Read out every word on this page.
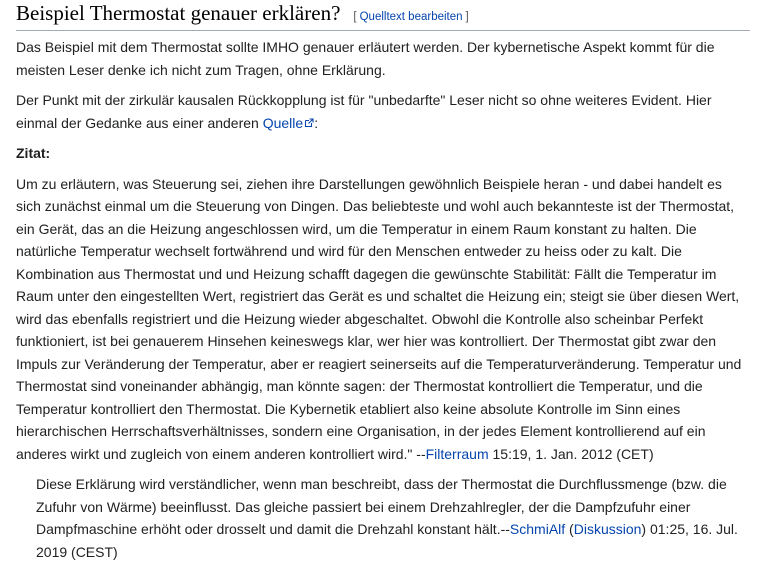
Beispiel Thermostat genauer erklären? [ Quelltext bearbeiten ]

Das Beispiel mit dem Thermostat sollte IMHO genauer erläutert werden. Der kybernetische Aspekt kommt für die meisten Leser denke ich nicht zum Tragen, ohne Erklärung.

Der Punkt mit der zirkulär kausalen Rückkopplung ist für "unbedarfte" Leser nicht so ohne weiteres Evident. Hier einmal der Gedanke aus einer anderen Quelle :

Zitat:

Um zu erläutern, was Steuerung sei, ziehen ihre Darstellungen gewöhnlich Beispiele heran - und dabei handelt es sich zunächst einmal um die Steuerung von Dingen. Das beliebteste und wohl auch bekannteste ist der Thermostat, ein Gerät, das an die Heizung angeschlossen wird, um die Temperatur in einem Raum konstant zu halten. Die natürliche Temperatur wechselt fortwährend und wird für den Menschen entweder zu heiss oder zu kalt. Die Kombination aus Thermostat und und Heizung schafft dagegen die gewünschte Stabilität: Fällt die Temperatur im Raum unter den eingestellten Wert, registriert das Gerät es und schaltet die Heizung ein; steigt sie über diesen Wert, wird das ebenfalls registriert und die Heizung wieder abgeschaltet. Obwohl die Kontrolle also scheinbar Perfekt funktioniert, ist bei genauerem Hinsehen keineswegs klar, wer hier was kontrolliert. Der Thermostat gibt zwar den Impuls zur Veränderung der Temperatur, aber er reagiert seinerseits auf die Temperaturveränderung. Temperatur und Thermostat sind voneinander abhängig, man könnte sagen: der Thermostat kontrolliert die Temperatur, und die Temperatur kontrolliert den Thermostat. Die Kybernetik etabliert also keine absolute Kontrolle im Sinn eines hierarchischen Herrschaftsverhältnisses, sondern eine Organisation, in der jedes Element kontrollierend auf ein anderes wirkt und zugleich von einem anderen kontrolliert wird." --Filterraum 15:19, 1. Jan. 2012 (CET)

Diese Erklärung wird verständlicher, wenn man beschreibt, dass der Thermostat die Durchflussmenge (bzw. die Zufuhr von Wärme) beeinflusst. Das gleiche passiert bei einem Drehzahlregler, der die Dampfzufuhr einer Dampfmaschine erhöht oder drosselt und damit die Drehzahl konstant hält.--SchmiAlf (Diskussion) 01:25, 16. Jul. 2019 (CEST)
